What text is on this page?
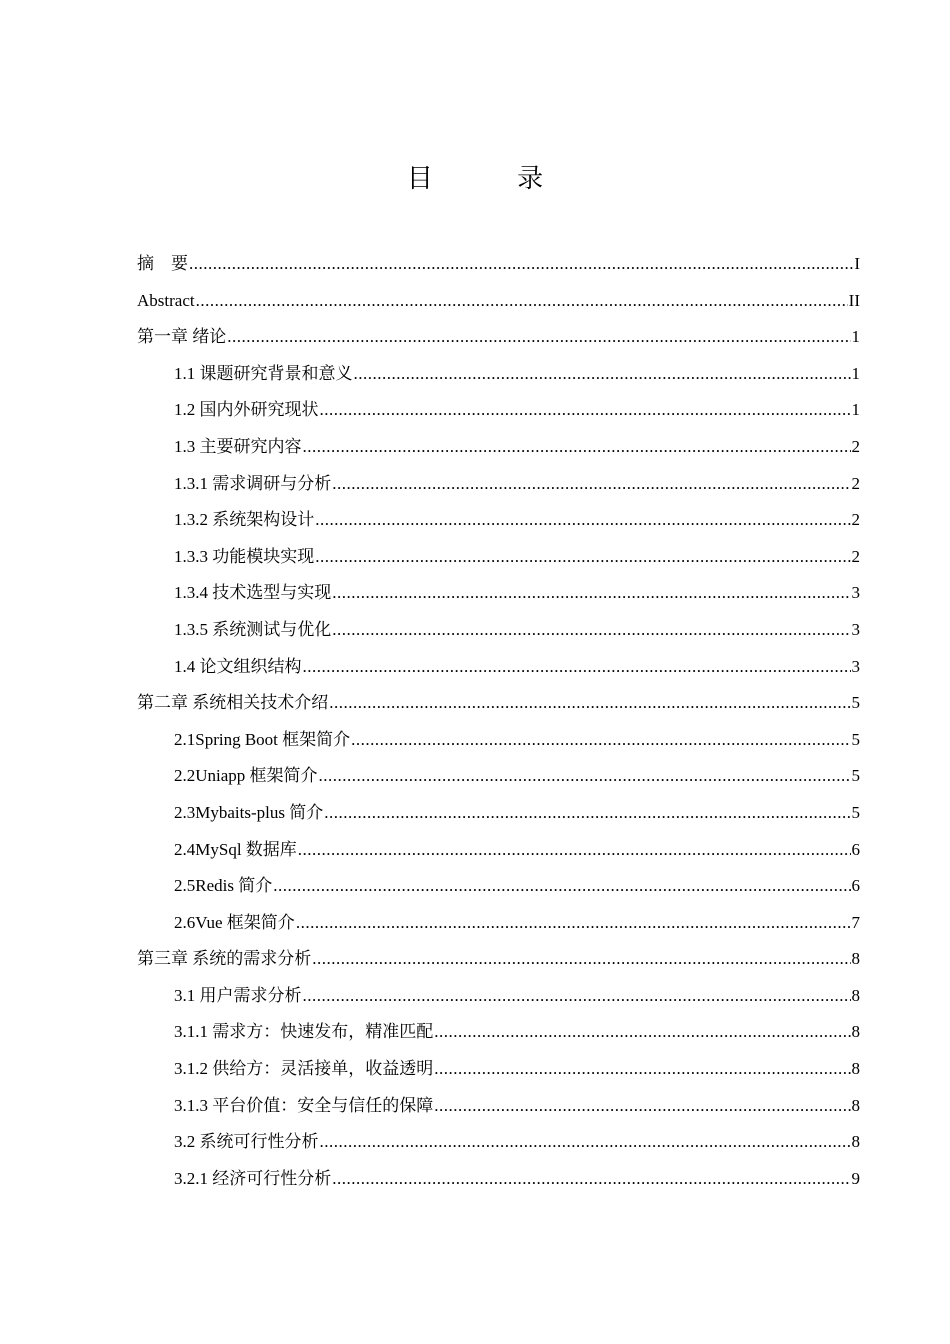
目 录
摘　要 .....	I
Abstract .....	II
第一章 绪论 .....	1
1.1 课题研究背景和意义 .....	1
1.2 国内外研究现状 .....	1
1.3 主要研究内容 .....	2
1.3.1 需求调研与分析 .....	2
1.3.2 系统架构设计 .....	2
1.3.3 功能模块实现 .....	2
1.3.4 技术选型与实现 .....	3
1.3.5 系统测试与优化 .....	3
1.4 论文组织结构 .....	3
第二章 系统相关技术介绍 .....	5
2.1Spring Boot 框架简介 .....	5
2.2Uniapp 框架简介 .....	5
2.3Mybaits-plus 简介 .....	5
2.4MySql 数据库 .....	6
2.5Redis 简介 .....	6
2.6Vue 框架简介 .....	7
第三章 系统的需求分析 .....	8
3.1 用户需求分析 .....	8
3.1.1 需求方：快速发布，精准匹配 .....	8
3.1.2 供给方：灵活接单，收益透明 .....	8
3.1.3 平台价值：安全与信任的保障 .....	8
3.2 系统可行性分析 .....	8
3.2.1 经济可行性分析 .....	9
